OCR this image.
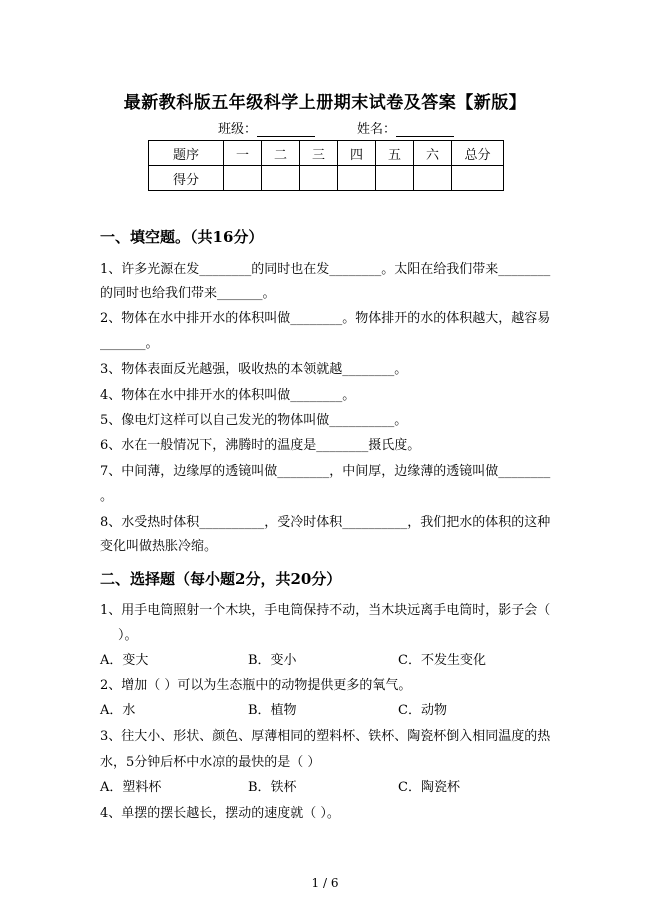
最新教科版五年级科学上册期末试卷及答案【新版】
班级：	姓名：
题序	一	二	三	四	五	六	总分
得分							
一、填空题。（共16分）
1、许多光源在发________的同时也在发________。太阳在给我们带来________
的同时也给我们带来_______。
2、物体在水中排开水的体积叫做________。物体排开的水的体积越大，越容易
_______。
3、物体表面反光越强，吸收热的本领就越________。
4、物体在水中排开水的体积叫做________。
5、像电灯这样可以自己发光的物体叫做__________。
6、水在一般情况下，沸腾时的温度是________摄氏度。
7、中间薄，边缘厚的透镜叫做________，中间厚，边缘薄的透镜叫做________
。
8、水受热时体积__________，受冷时体积__________，我们把水的体积的这种
变化叫做热胀冷缩。
二、选择题（每小题2分，共20分）
1、用手电筒照射一个木块，手电筒保持不动，当木块远离手电筒时，影子会（
）。
A．变大	B．变小	C．不发生变化
2、增加（ ）可以为生态瓶中的动物提供更多的氧气。
A．水	B．植物	C．动物
3、往大小、形状、颜色、厚薄相同的塑料杯、铁杯、陶瓷杯倒入相同温度的热
水，5分钟后杯中水凉的最快的是（ ）
A．塑料杯	B．铁杯	C．陶瓷杯
4、单摆的摆长越长，摆动的速度就（ ）。
1 / 6
